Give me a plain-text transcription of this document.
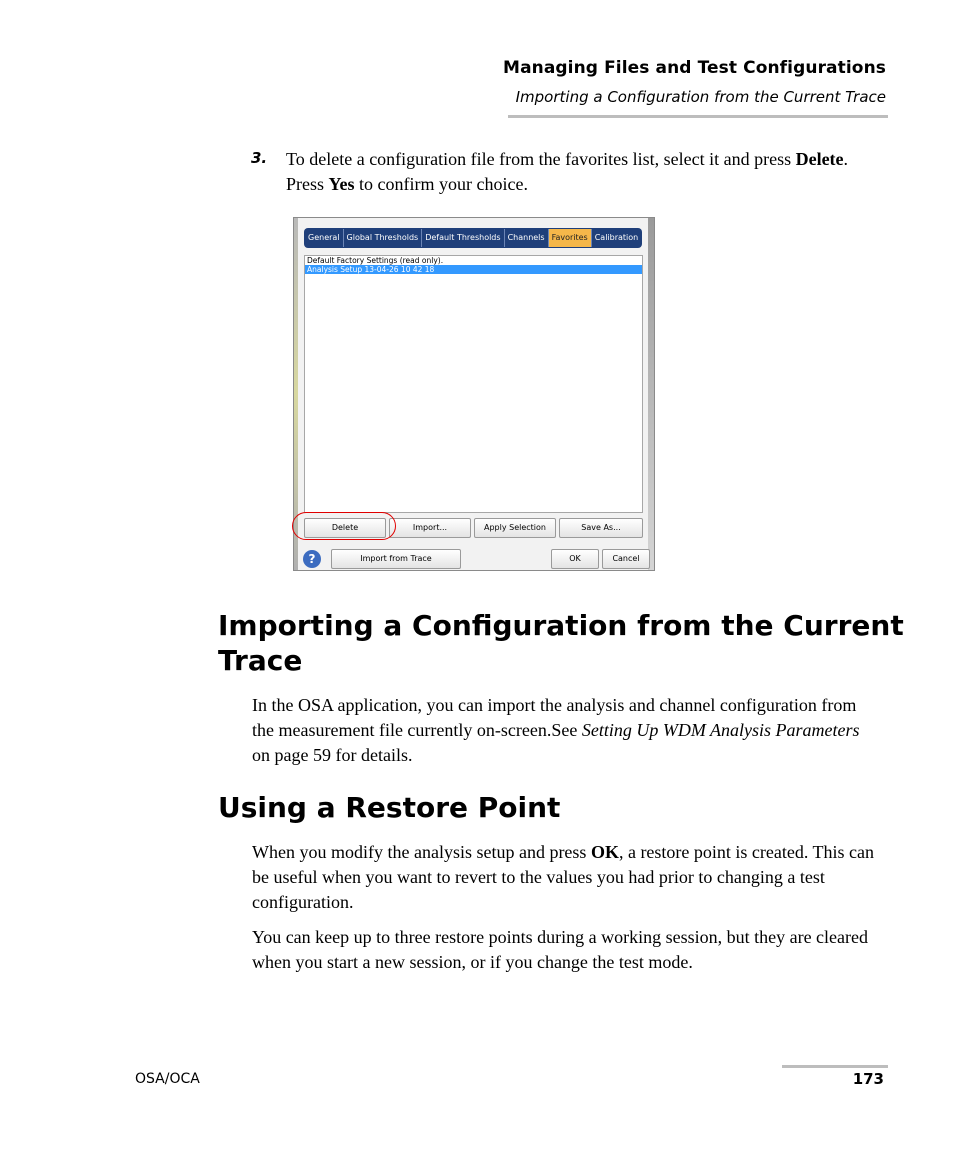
Managing Files and Test Configurations
Importing a Configuration from the Current Trace
3. To delete a configuration file from the favorites list, select it and press Delete. Press Yes to confirm your choice.
General Global Thresholds Default Thresholds Channels Favorites Calibration
Default Factory Settings (read only).
Analysis Setup 13-04-26 10 42 18
Delete	Import...	Apply Selection	Save As...
?	Import from Trace	OK	Cancel
Importing a Configuration from the Current
Trace
In the OSA application, you can import the analysis and channel configuration from the measurement file currently on-screen.See Setting Up WDM Analysis Parameters on page 59 for details.
Using a Restore Point
When you modify the analysis setup and press OK, a restore point is created. This can be useful when you want to revert to the values you had prior to changing a test configuration.
You can keep up to three restore points during a working session, but they are cleared when you start a new session, or if you change the test mode.
OSA/OCA	173
